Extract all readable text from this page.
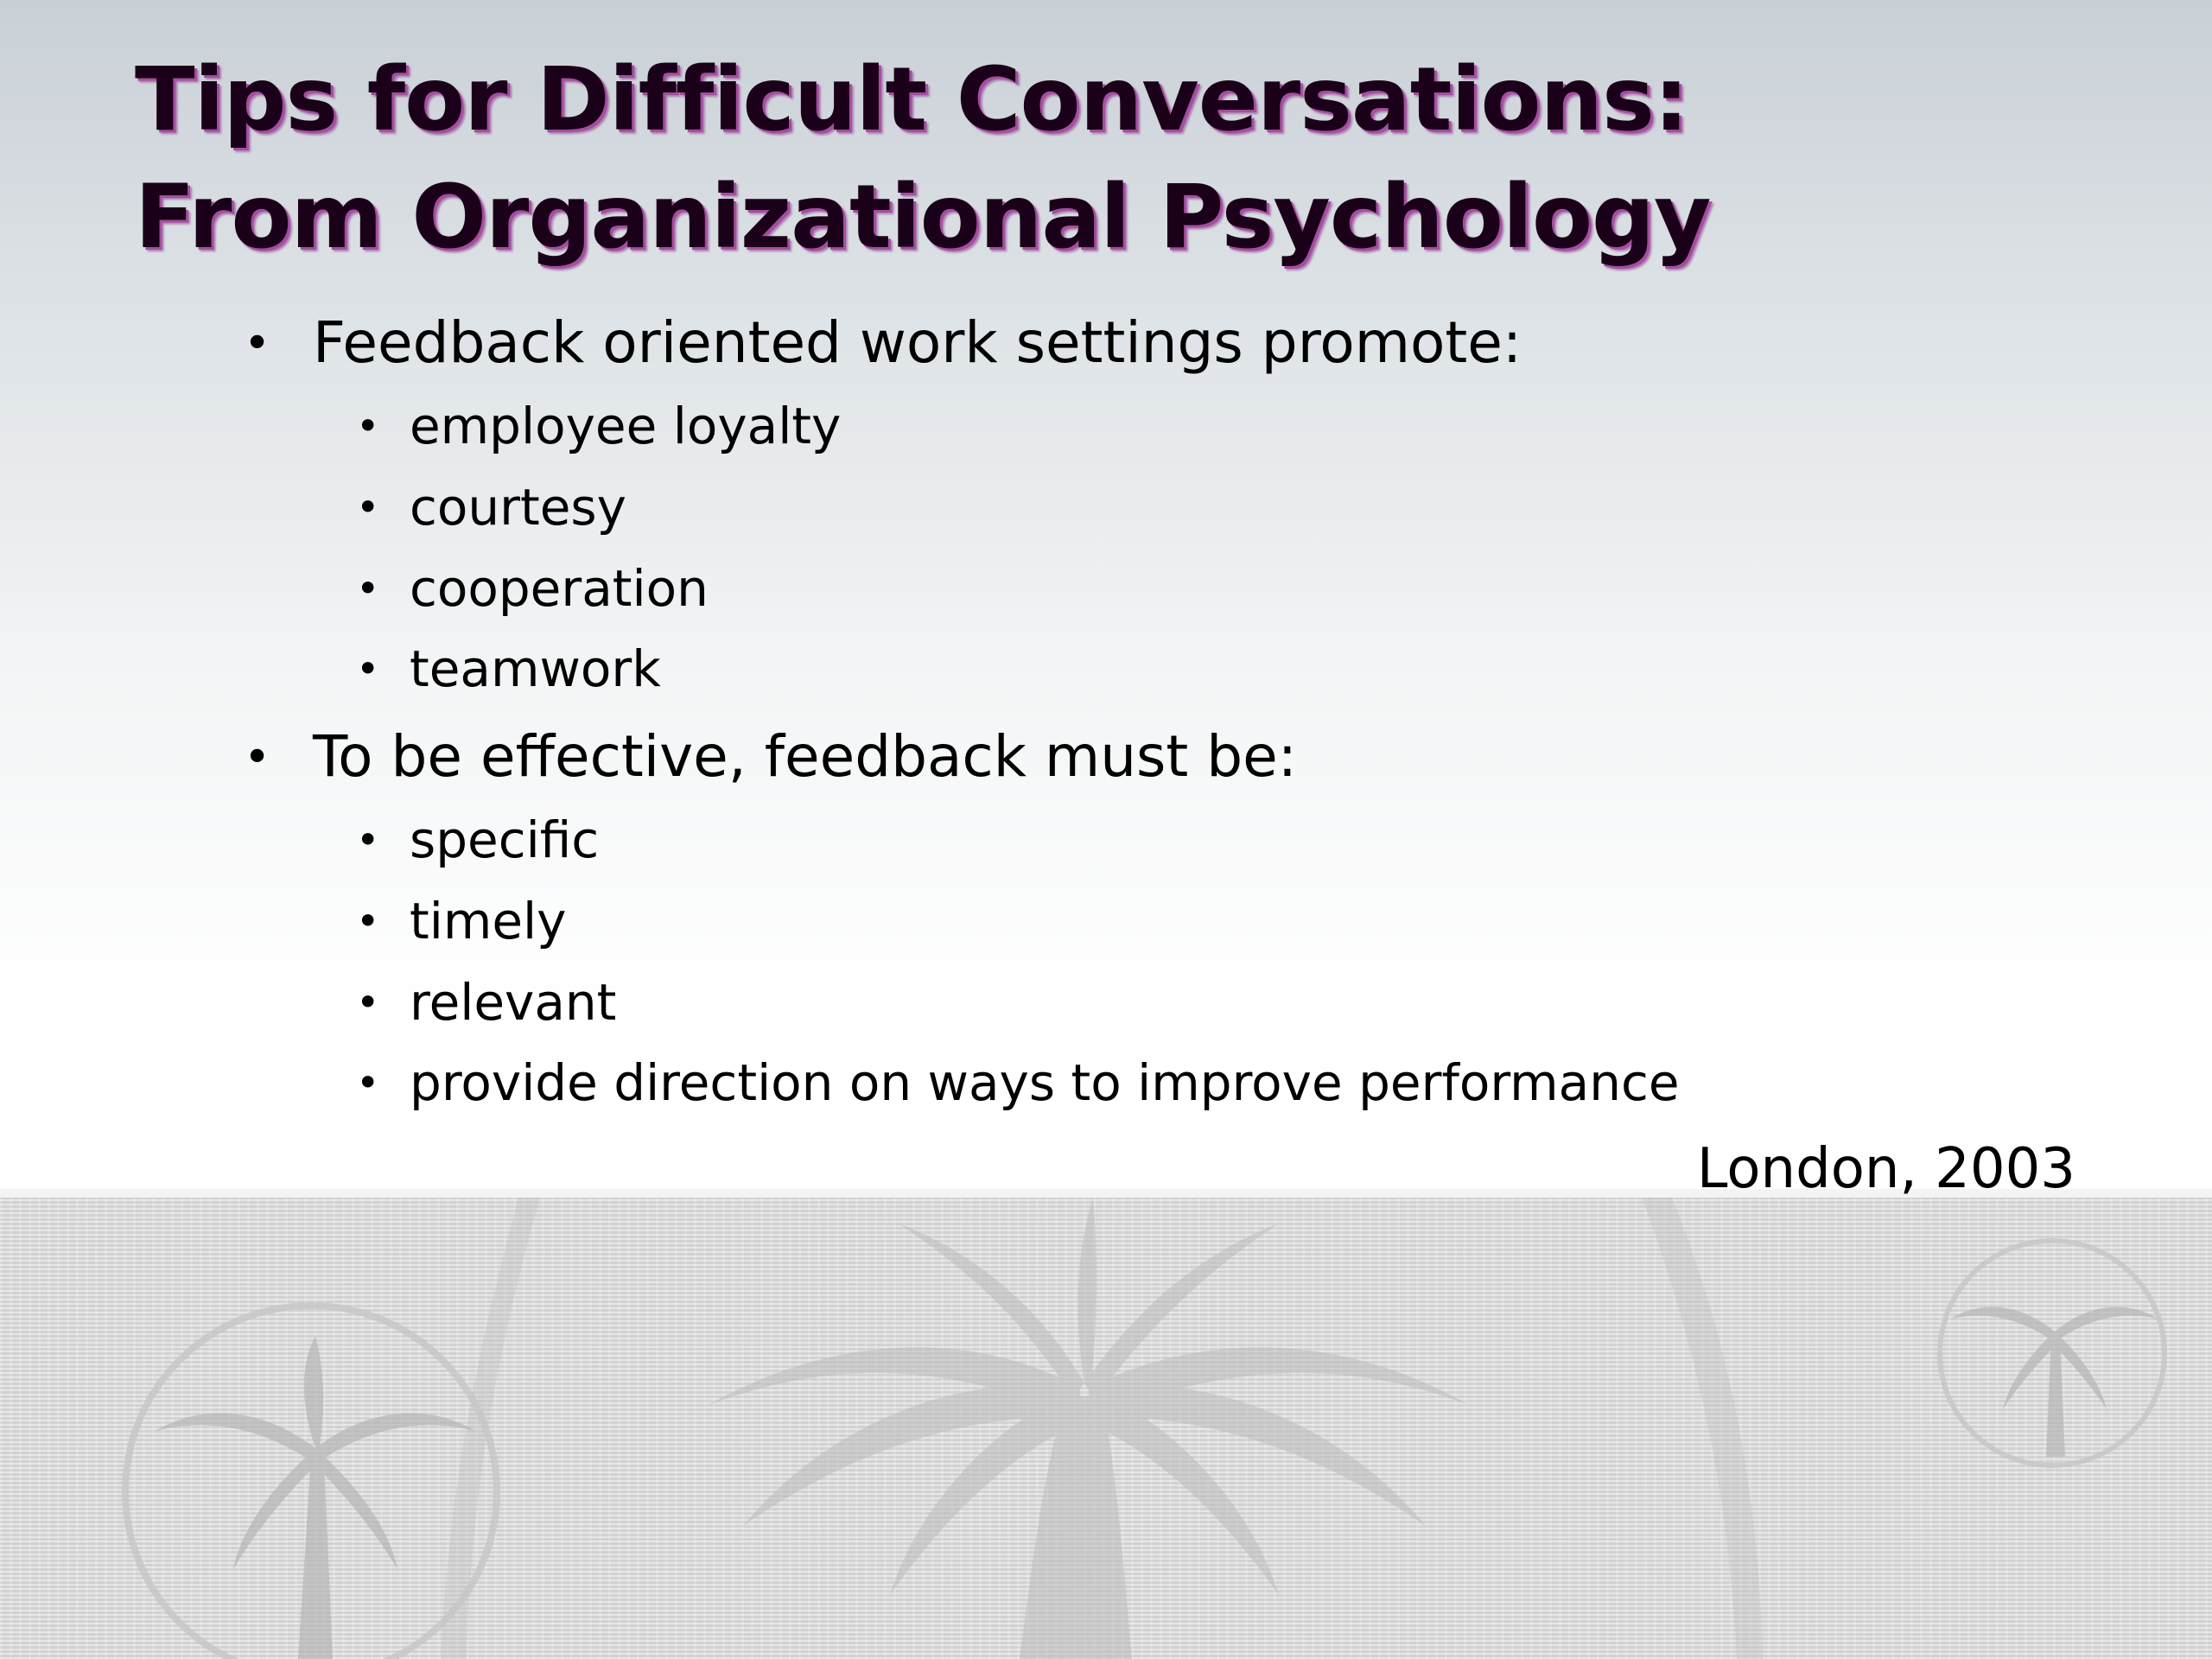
Tips for Difficult Conversations:
From Organizational Psychology
• Feedback oriented work settings promote:
• employee loyalty
• courtesy
• cooperation
• teamwork
• To be effective, feedback must be:
• specific
• timely
• relevant
• provide direction on ways to improve performance
London, 2003
